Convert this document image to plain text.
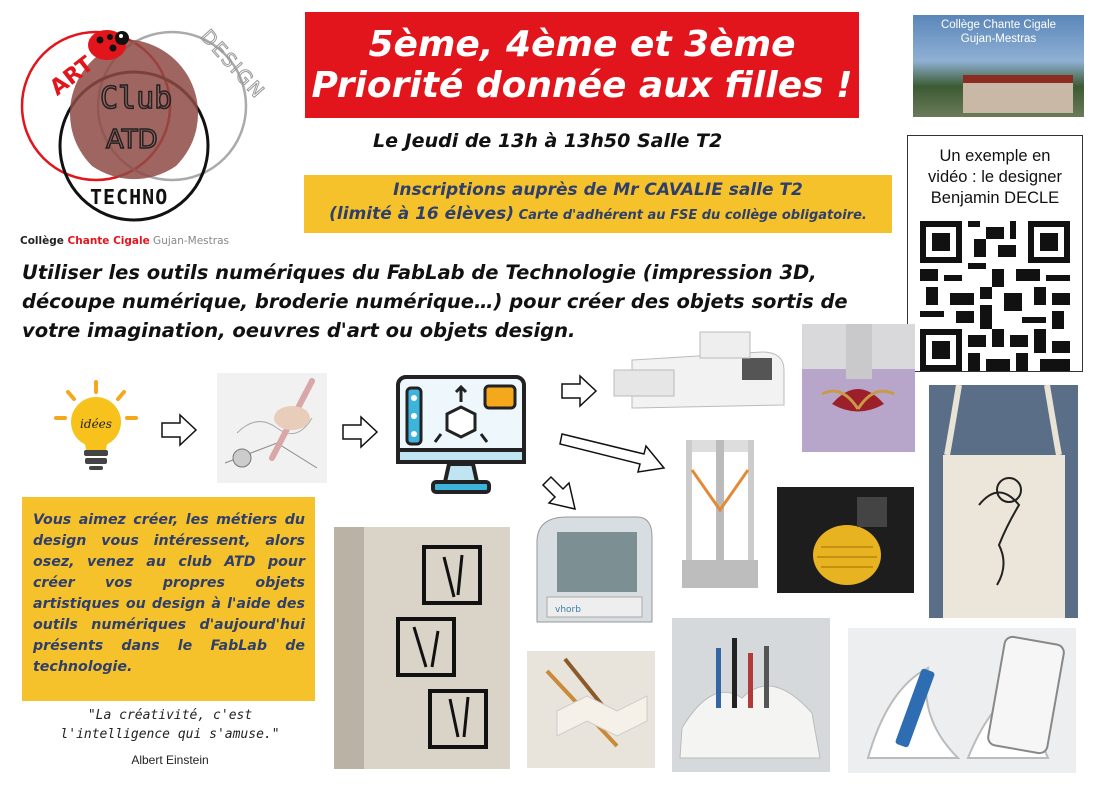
ART	DESIGN
Club
ATD
TECHNO
Collège Chante Cigale Gujan-Mestras
5ème, 4ème et 3ème
Priorité donnée aux filles !
Collège Chante Cigale
Gujan-Mestras
Le Jeudi de 13h à 13h50 Salle T2
Inscriptions auprès de Mr CAVALIE salle T2
(limité à 16 élèves) Carte d'adhérent au FSE du collège obligatoire.
Un exemple en
vidéo : le designer
Benjamin DECLE
Utiliser les outils numériques du FabLab de Technologie (impression 3D, découpe numérique, broderie numérique…) pour créer des objets sortis de votre imagination, oeuvres d'art ou objets design.
idées
vhorb
Vous aimez créer, les métiers du design vous intéressent, alors osez, venez au club ATD pour créer vos propres objets artistiques ou design à l'aide des outils numériques d'aujourd'hui présents dans le FabLab de technologie.
"La créativité, c'est l'intelligence qui s'amuse."
Albert Einstein
